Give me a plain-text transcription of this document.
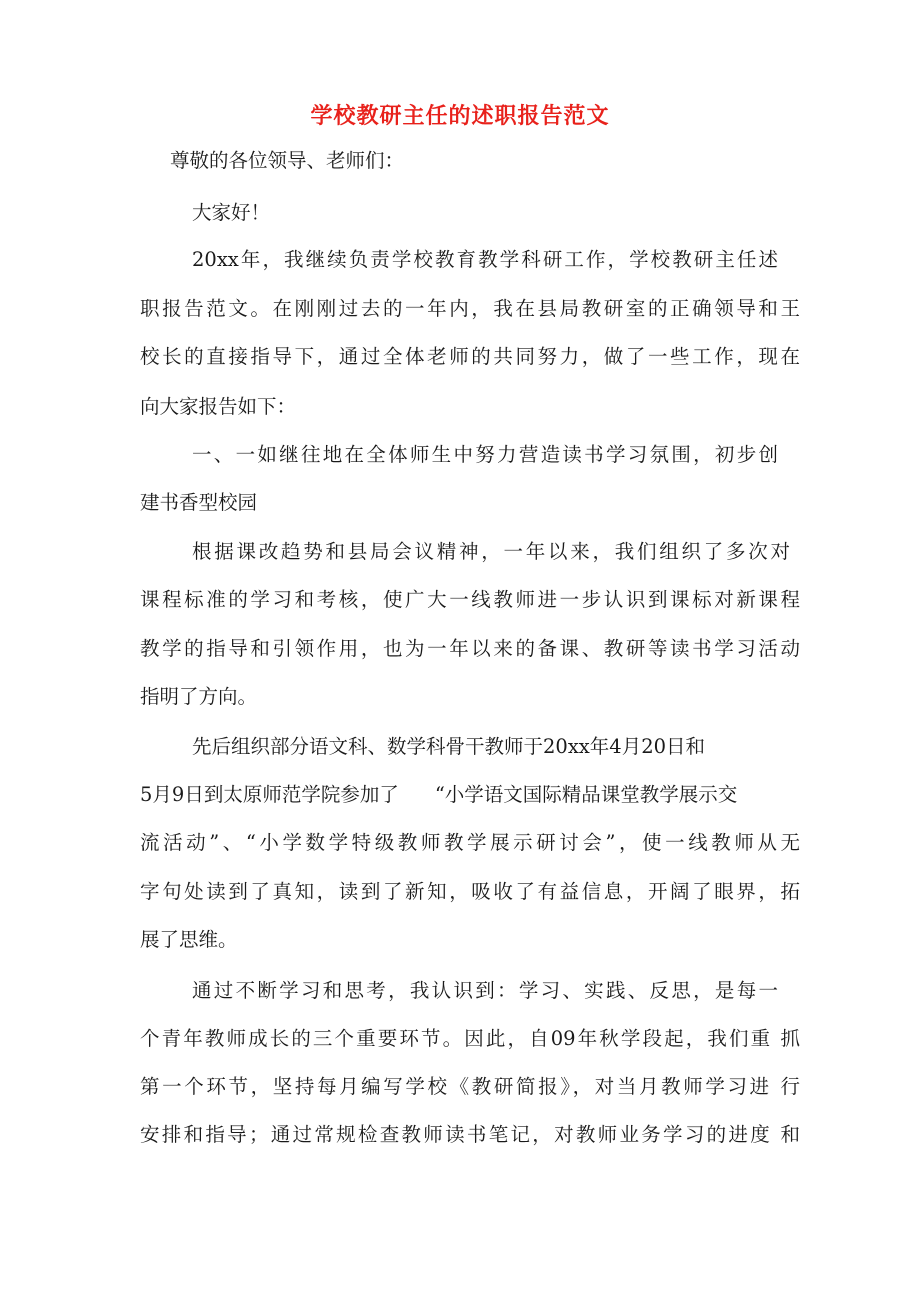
学校教研主任的述职报告范文
尊敬的各位领导、老师们：
大家好！
20xx年，我继续负责学校教育教学科研工作，学校教研主任述
职报告范文。在刚刚过去的一年内，我在县局教研室的正确领导和王
校长的直接指导下，通过全体老师的共同努力，做了一些工作，现在
向大家报告如下：
一、一如继往地在全体师生中努力营造读书学习氛围，初步创
建书香型校园
根据课改趋势和县局会议精神，一年以来，我们组织了多次对
课程标准的学习和考核，使广大一线教师进一步认识到课标对新课程
教学的指导和引领作用，也为一年以来的备课、教研等读书学习活动
指明了方向。
先后组织部分语文科、数学科骨干教师于20xx年4月20日和
5月9日到太原师范学院参加了 “小学语文国际精品课堂教学展示交
流活动”、“小学数学特级教师教学展示研讨会”，使一线教师从无
字句处读到了真知，读到了新知，吸收了有益信息，开阔了眼界，拓
展了思维。
通过不断学习和思考，我认识到：学习、实践、反思，是每一
个青年教师成长的三个重要环节。因此，自09年秋学段起，我们重 抓
第一个环节，坚持每月编写学校《教研简报》，对当月教师学习进 行
安排和指导；通过常规检查教师读书笔记，对教师业务学习的进度 和
